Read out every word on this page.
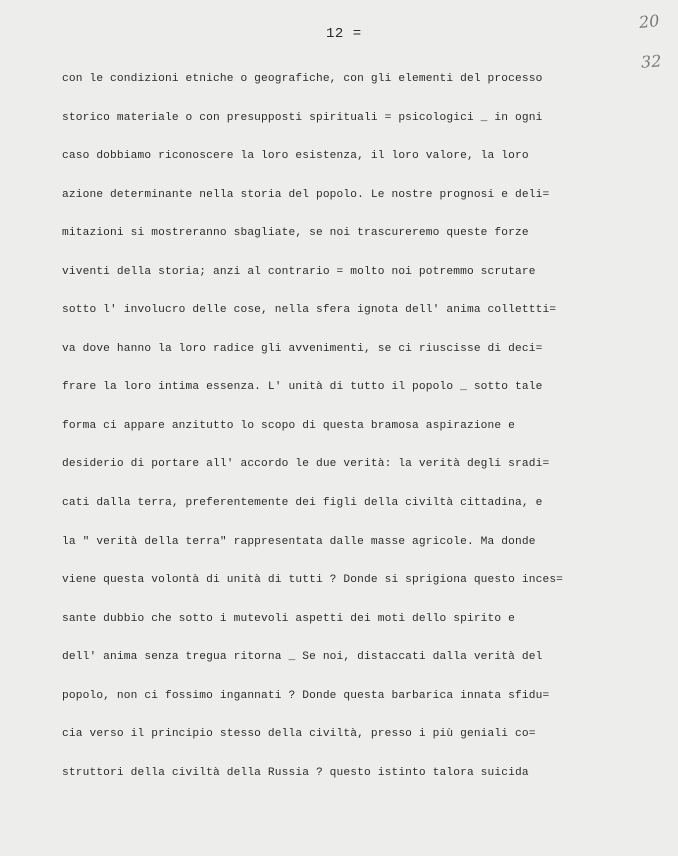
12 =
20
32
con le condizioni etniche o geografiche, con gli elementi del processo
storico materiale o con presupposti spirituali = psicologici _ in ogni
caso dobbiamo riconoscere la loro esistenza, il loro valore, la loro
azione determinante nella storia del popolo. Le nostre prognosi e deli=
mitazioni si mostreranno sbagliate, se noi trascureremo queste forze
viventi della storia; anzi al contrario = molto noi potremmo scrutare
sotto l' involucro delle cose, nella sfera ignota dell' anima collettti=
va dove hanno la loro radice gli avvenimenti, se ci riuscisse di deci=
frare la loro intima essenza. L' unità di tutto il popolo _ sotto tale
forma ci appare anzitutto lo scopo di questa bramosa aspirazione e
desiderio di portare all' accordo le due verità: la verità degli sradi=
cati dalla terra, preferentemente dei figli della civiltà cittadina, e
la " verità della terra" rappresentata dalle masse agricole. Ma donde
viene questa volontà di unità di tutti ? Donde si sprigiona questo inces=
sante dubbio che sotto i mutevoli aspetti dei moti dello spirito e
dell' anima senza tregua ritorna _ Se noi, distaccati dalla verità del
popolo, non ci fossimo ingannati ? Donde questa barbarica innata sfidu=
cia verso il principio stesso della civiltà, presso i più geniali co=
struttori della civiltà della Russia ? questo istinto talora suicida
